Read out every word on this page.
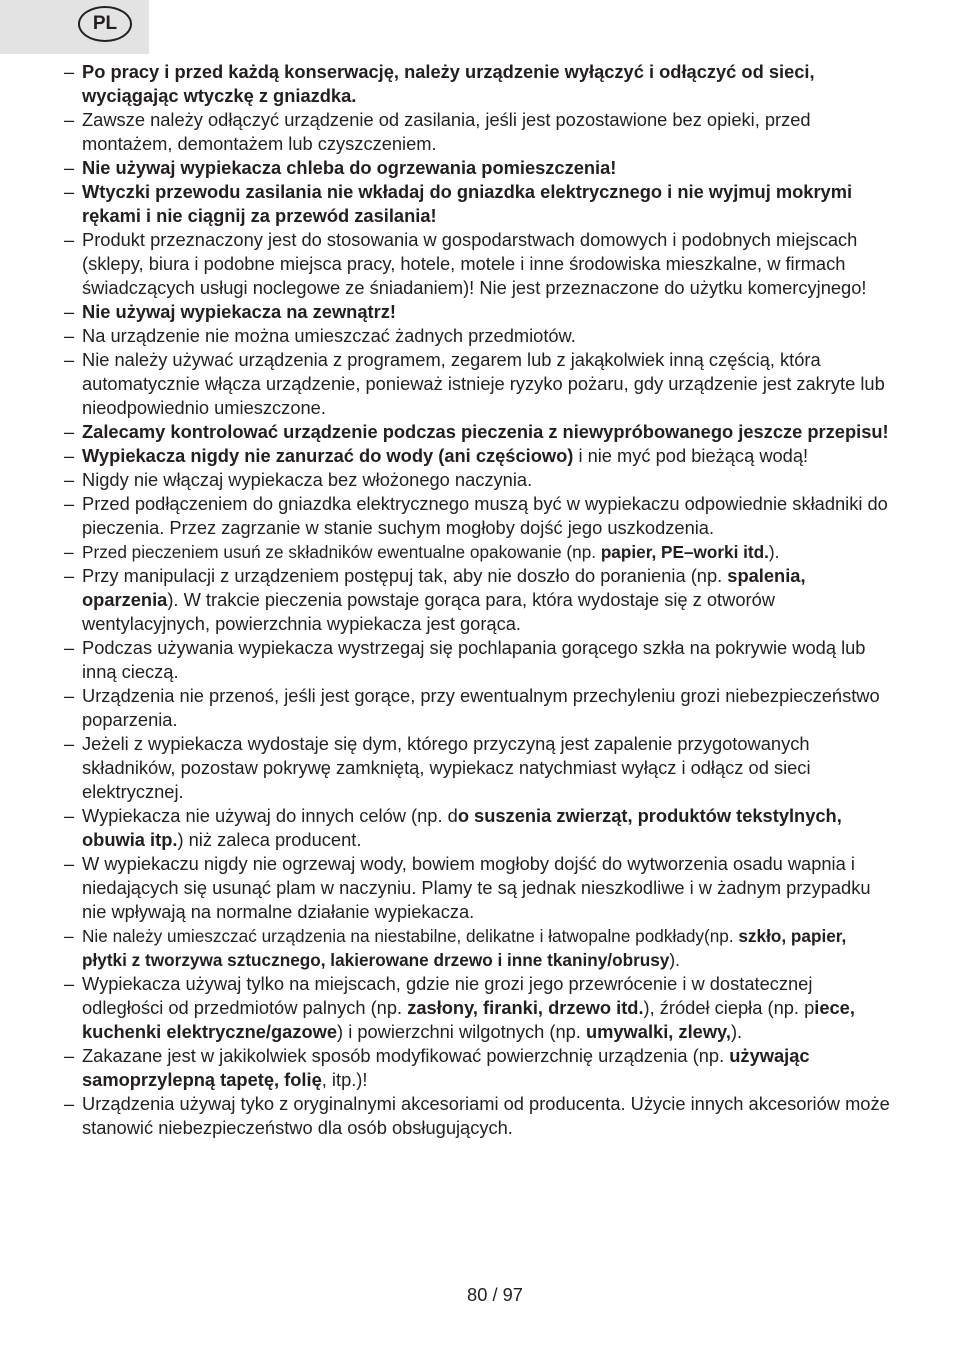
PL
– Po pracy i przed każdą konserwację, należy urządzenie wyłączyć i odłączyć od sieci, wyciągając wtyczkę z gniazdka.
– Zawsze należy odłączyć urządzenie od zasilania, jeśli jest pozostawione bez opieki, przed montażem, demontażem lub czyszczeniem.
– Nie używaj wypiekacza chleba do ogrzewania pomieszczenia!
– Wtyczki przewodu zasilania nie wkładaj do gniazdka elektrycznego i nie wyjmuj mokrymi rękami i nie ciągnij za przewód zasilania!
– Produkt przeznaczony jest do stosowania w gospodarstwach domowych i podobnych miejscach (sklepy, biura i podobne miejsca pracy, hotele, motele i inne środowiska mieszkalne, w firmach świadczących usługi noclegowe ze śniadaniem)! Nie jest przeznaczone do użytku komercyjnego!
– Nie używaj wypiekacza na zewnątrz!
– Na urządzenie nie można umieszczać żadnych przedmiotów.
– Nie należy używać urządzenia z programem, zegarem lub z jakąkolwiek inną częścią, która automatycznie włącza urządzenie, ponieważ istnieje ryzyko pożaru, gdy urządzenie jest zakryte lub nieodpowiednio umieszczone.
– Zalecamy kontrolować urządzenie podczas pieczenia z niewypróbowanego jeszcze przepisu!
– Wypiekacza nigdy nie zanurzać do wody (ani częściowo) i nie myć pod bieżącą wodą!
– Nigdy nie włączaj wypiekacza bez włożonego naczynia.
– Przed podłączeniem do gniazdka elektrycznego muszą być w wypiekaczu odpowiednie składniki do pieczenia. Przez zagrzanie w stanie suchym mogłoby dojść jego uszkodzenia.
– Przed pieczeniem usuń ze składników ewentualne opakowanie (np. papier, PE–worki itd.).
– Przy manipulacji z urządzeniem postępuj tak, aby nie doszło do poranienia (np. spalenia, oparzenia). W trakcie pieczenia powstaje gorąca para, która wydostaje się z otworów wentylacyjnych, powierzchnia wypiekacza jest gorąca.
– Podczas używania wypiekacza wystrzegaj się pochlapania gorącego szkła na pokrywie wodą lub inną cieczą.
– Urządzenia nie przenoś, jeśli jest gorące, przy ewentualnym przechyleniu grozi niebezpieczeństwo poparzenia.
– Jeżeli z wypiekacza wydostaje się dym, którego przyczyną jest zapalenie przygotowanych składników, pozostaw pokrywę zamkniętą, wypiekacz natychmiast wyłącz i odłącz od sieci elektrycznej.
– Wypiekacza nie używaj do innych celów (np. do suszenia zwierząt, produktów tekstylnych, obuwia itp.) niż zaleca producent.
– W wypiekaczu nigdy nie ogrzewaj wody, bowiem mogłoby dojść do wytworzenia osadu wapnia i niedających się usunąć plam w naczyniu. Plamy te są jednak nieszkodliwe i w żadnym przypadku nie wpływają na normalne działanie wypiekacza.
– Nie należy umieszczać urządzenia na niestabilne, delikatne i łatwopalne podkłady(np. szkło, papier, płytki z tworzywa sztucznego, lakierowane drzewo i inne tkaniny/obrusy).
– Wypiekacza używaj tylko na miejscach, gdzie nie grozi jego przewrócenie i w dostatecznej odległości od przedmiotów palnych (np. zasłony, firanki, drzewo itd.), źródeł ciepła (np. piece, kuchenki elektryczne/gazowe) i powierzchni wilgotnych (np. umywalki, zlewy,).
– Zakazane jest w jakikolwiek sposób modyfikować powierzchnię urządzenia (np. używając samoprzylepną tapetę, folię, itp.)!
– Urządzenia używaj tyko z oryginalnymi akcesoriami od producenta. Użycie innych akcesoriów może stanowić niebezpieczeństwo dla osób obsługujących.
80 / 97
